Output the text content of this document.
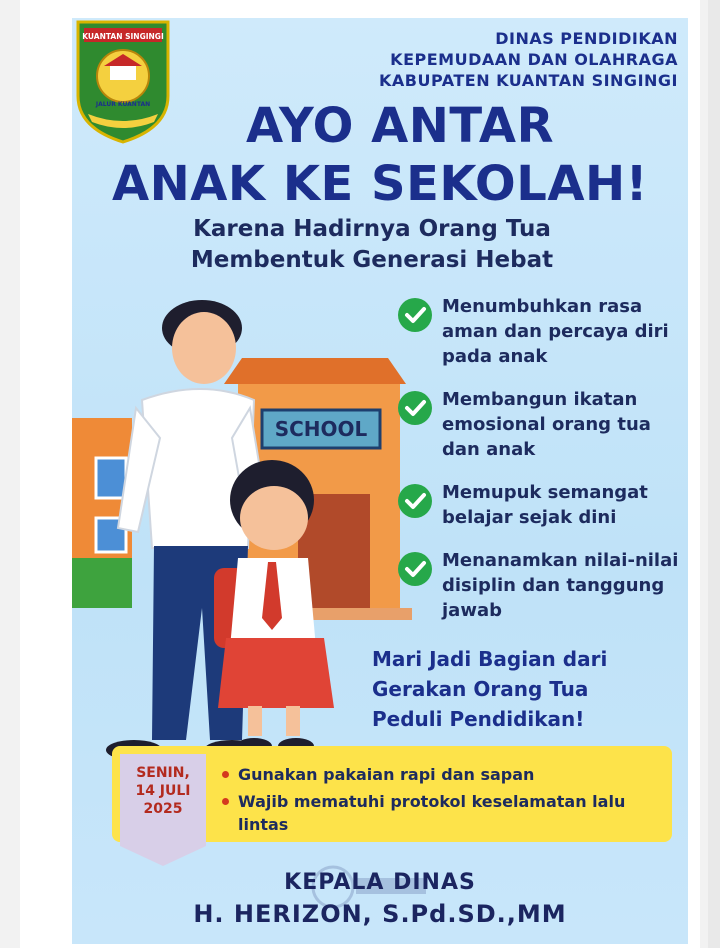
KUANTAN SINGINGI
JALUR KUANTAN
DINAS PENDIDIKAN
KEPEMUDAAN DAN OLAHRAGA
KABUPATEN KUANTAN SINGINGI
AYO ANTAR
ANAK KE SEKOLAH!
Karena Hadirnya Orang Tua
Membentuk Generasi Hebat
SCHOOL
Menumbuhkan rasa aman dan percaya diri pada anak
Membangun ikatan emosional orang tua dan anak
Memupuk semangat belajar sejak dini
Menanamkan nilai-nilai disiplin dan tanggung jawab
Mari Jadi Bagian dari
Gerakan Orang Tua
Peduli Pendidikan!
SENIN,
14 JULI
2025
Gunakan pakaian rapi dan sapan
Wajib mematuhi protokol keselamatan lalu lintas
KEPALA DINAS
H. HERIZON, S.Pd.SD.,MM
